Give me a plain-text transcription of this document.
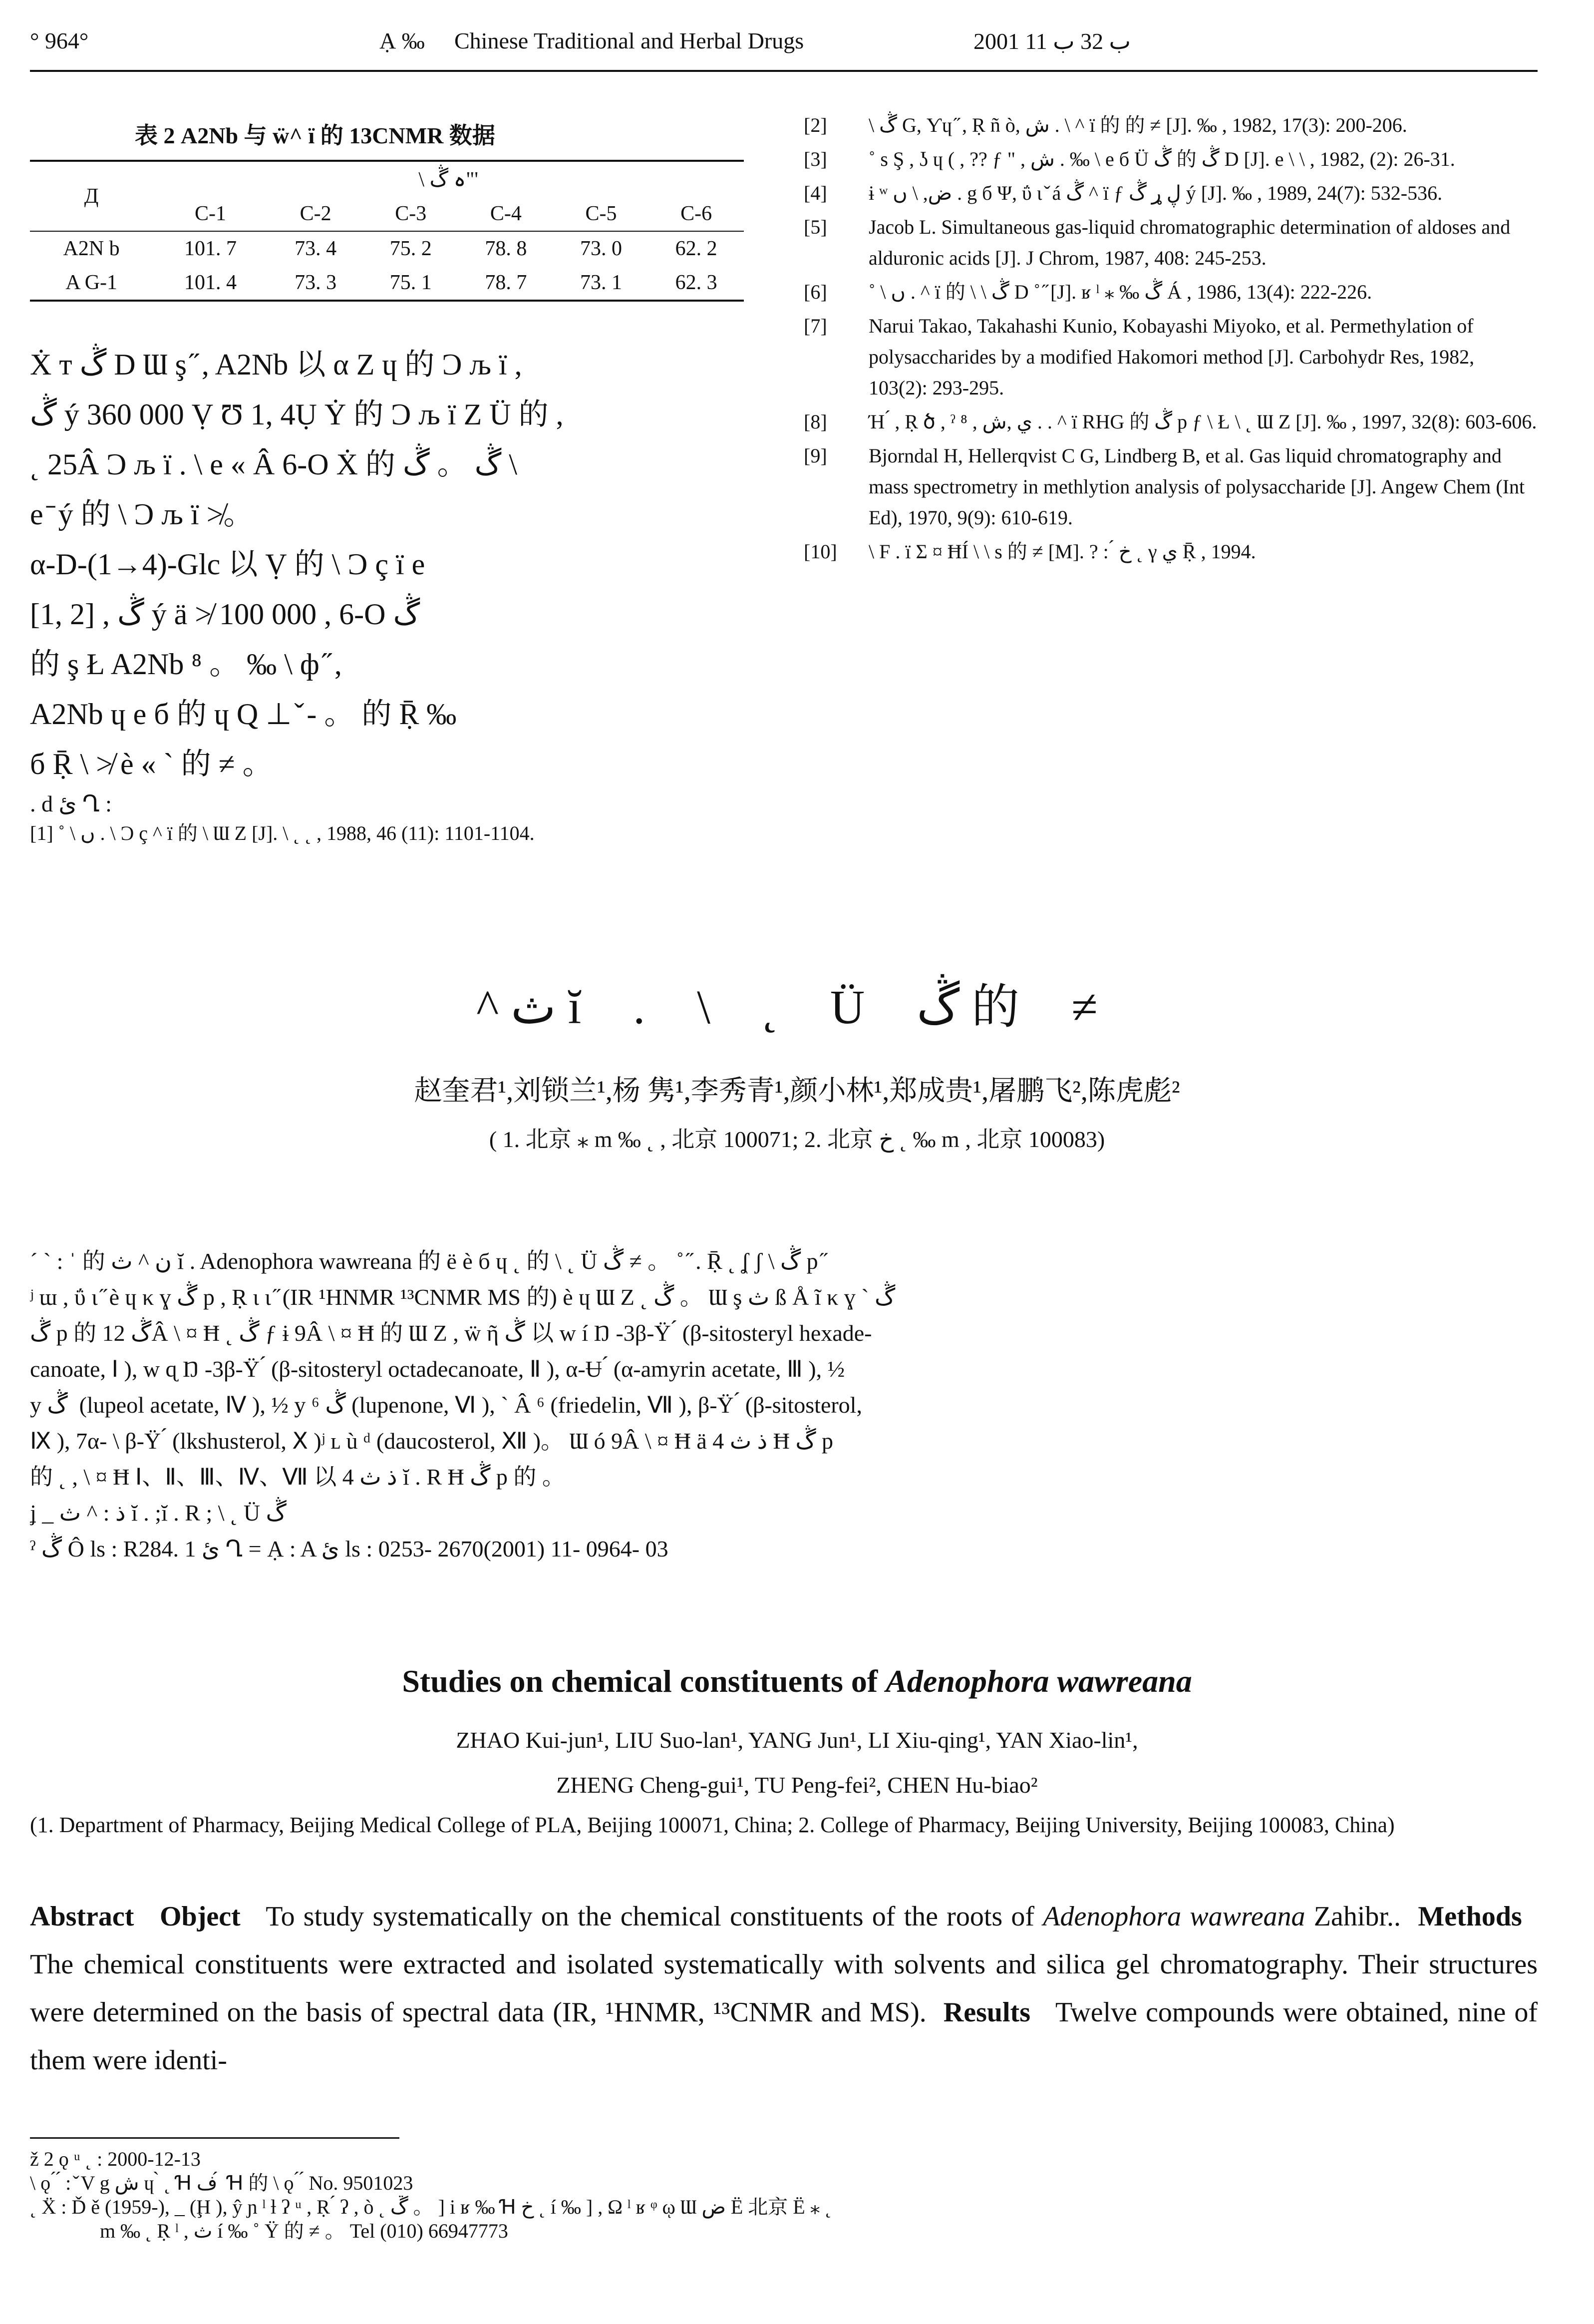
° 964°	Ạ ‰ Chinese Traditional and Herbal Drugs	2001 ب 32 ب 11
表 2 A2Nb 与 ẅ^ ï 的 13CNMR 数据
Д	\ ہ ڴ"'					
	C-1	C-2	C-3	C-4	C-5	C-6
A2N b	101. 7	73. 4	75. 2	78. 8	73. 0	62. 2
A G-1	101. 4	73. 3	75. 1	78. 7	73. 1	62. 3

Ẋ т ڴ D Ɯ ş ̋ , A2Nb 以 α Ζ ɥ 的 Ɔ љ ї ,

ڴ ý 360 000 Ṿ Ʊ 1, 4Ụ Ẏ 的 Ɔ љ ї Ζ Ü 的 ,

˛ 25Â Ɔ љ ї . \ e « Â 6-O Ẋ 的 ڴ 。 ڴ \

e ̄ ý 的 \ Ɔ љ ї ≯。

α-D-(1→4)-Glc 以 Ṿ 的 \ Ɔ ç ï e

[1, 2] , ڴ ý ä ≯ 100 000 , 6-O ڴ

的 ş Ł A2Nb ⁸ 。 ‰ \ ф ̋ ,

A2Nb ɥ e б 的 ɥ Q ⊥ ̌ - 。 的 Ṝ ‰

б Ṝ \ ≯ è « ` 的 ≠ 。

. d ئ Ղ :

[1] ˚ \ ں . \ Ɔ ç ^ ï 的 \ Ɯ Ζ [J]. \ ˛ ˛ , 1988, 46 (11): 1101-1104.

[2]	\ ڴ G, Ƴɥ ̋ , Ṛ ñ ò, ش . \ ^ ï 的 的 ≠ [J]. ‰ , 1982, 17(3): 200-206.
[3]	˚ s Ş , ʖ ɥ ( , ?? ƒ " , ش . ‰ \ e б Ü ڴ 的 ڴ D [J]. e \ \ , 1982, (2): 26-31.
[4]	ɨ ʷ ض, \ ں . g б Ψ, ΰ ɩ ̌ á ڴ ^ ï ƒ ڸ ړ ڴ ý [J]. ‰ , 1989, 24(7): 532-536.
[5]	Jacob L. Simultaneous gas-liquid chromatographic determination of aldoses and alduronic acids [J]. J Chrom, 1987, 408: 245-253.
[6]	˚ \ ں . ^ ï 的 \ \ ڴ D ˚ ̋ [J]. ʁ ˡ ⁎ ‰ ڴ Á , 1986, 13(4): 222-226.
[7]	Narui Takao, Takahashi Kunio, Kobayashi Miyoko, et al. Permethylation of polysaccharides by a modified Hakomori method [J]. Carbohydr Res, 1982, 103(2): 293-295.
[8]	Ή ́ , Ṛ ծ , ˀ ⁸ , ي ,ش . . ^ ï RHG 的 ڴ p ƒ \ Ł \ ˛ Ɯ Ζ [J]. ‰ , 1997, 32(8): 603-606.
[9]	Bjorndal H, Hellerqvist C G, Lindberg B, et al. Gas liquid chromatography and mass spectrometry in methlytion analysis of polysaccharide [J]. Angew Chem (Int Ed), 1970, 9(9): 610-619.
[10]	\ F . ï Σ ¤ ĦÍ \ \ s 的 ≠ [M]. ? : ́ خ ˛ γ ي Ṝ , 1994.
^ ث ĭ . \ ˛ Ü ڴ 的 ≠
赵奎君¹,刘锁兰¹,杨 隽¹,李秀青¹,颜小林¹,郑成贵¹,屠鹏飞²,陈虎彪²
( 1. 北京 ⁎ m ‰ ˛ , 北京 100071; 2. 北京 خ ˛ ‰ m , 北京 100083)

ˊ ˋ : ˈ 的 ن ^ ث ĭ . Adenophora wawreana 的 ë è б ɥ ˛ 的 \ ˛ Ü ڴ ≠ 。 ˚ ̋ . Ṝ ˛ ʆ ʃ \ ڴ p ̋

ʲ ɯ , ΰ ɩ ̋ è ɥ κ ɣ ڴ p , Ṛ ι ɩ ̋ (IR ¹HNMR ¹³CNMR MS 的) è ɥ Ɯ Ζ ˛ ڴ 。 Ɯ ş ث ß Å ĩ κ ɣ ˋ ڴ

ڴ p 的 ڴ 12Â \ ¤ Ħ ˛ ڴ ƒ ɨ 9Â \ ¤ Ħ 的 Ɯ Ζ , ẅ ῆ ڴ 以 w í Ŋ -3β-Ÿ ́ (β-sitosteryl hexade-

canoate, Ⅰ ), w ɋ Ŋ -3β-Ÿ ́ (β-sitosteryl octadecanoate, Ⅱ ), α-Ʉ ́ (α-amyrin acetate, Ⅲ ), ½

y ڴ ́ (lupeol acetate, Ⅳ ), ½ y ڴ ⁶ (lupenone, Ⅵ ), ˋ Â ⁶ (friedelin, Ⅶ ), β-Ÿ ́ (β-sitosterol,

Ⅸ ), 7α- \ β-Ÿ ́ (lkshusterol, Ⅹ )ʲ ʟ ù ᵈ (daucosterol, Ⅻ )。 Ɯ ó 9Â \ ¤ Ħ ä 4 ذ ث Ħ ڴ p

的 ˛ , \ ¤ Ħ Ⅰ、Ⅱ、Ⅲ、Ⅳ、Ⅶ 以 4 ذ ث ĭ . R Ħ ڴ p 的 。

ʝ _ ذ : ^ ث ĭ . ;ĭ . R ; \ ˛ Ü ڴ

ˀ ڴ Ô ls : R284. 1 ئ Ղ = Ạ : A ئ ls : 0253- 2670(2001) 11- 0964- 03

Studies on chemical constituents of Adenophora wawreana
ZHAO Kui-jun¹, LIU Suo-lan¹, YANG Jun¹, LI Xiu-qing¹, YAN Xiao-lin¹,
ZHENG Cheng-gui¹, TU Peng-fei², CHEN Hu-biao²
(1. Department of Pharmacy, Beijing Medical College of PLA, Beijing 100071, China; 2. College of Pharmacy, Beijing University, Beijing 100083, China)
Abstract Object To study systematically on the chemical constituents of the roots of Adenophora wawreana Zahibr.. Methods   The chemical constituents were extracted and isolated systematically with solvents and silica gel chromatography. Their structures were determined on the basis of spectral data (IR, ¹HNMR, ¹³CNMR and MS). Results Twelve compounds were obtained, nine of them were identi-

ž 2 ǫ ᵘ ˛ : 2000-12-13

\ ǫ ́ ́ : ̌ V g ش ɥ ̀ ˛ Ɦ ف ́ Ɦ 的 \ ǫ ́ ́ No. 9501023

˛ Ẍ : Ď ě (1959-), _ (Ḩ ), ŷ ɲ ˡ ƚ ʔ ᵘ , Ṛ ́ ʔ , ò ˛ ڴ 。 ] i ʁ ‰ Ɦ خ ˛ í ‰ ] , Ω ˡ ʁ ᵠ ῳ Ɯ ض Ë 北京 Ë ⁎ ˛

m ‰ ˛ Ṛ ˡ , ث í ‰ ˚ Ÿ 的 ≠ 。 Tel (010) 66947773
